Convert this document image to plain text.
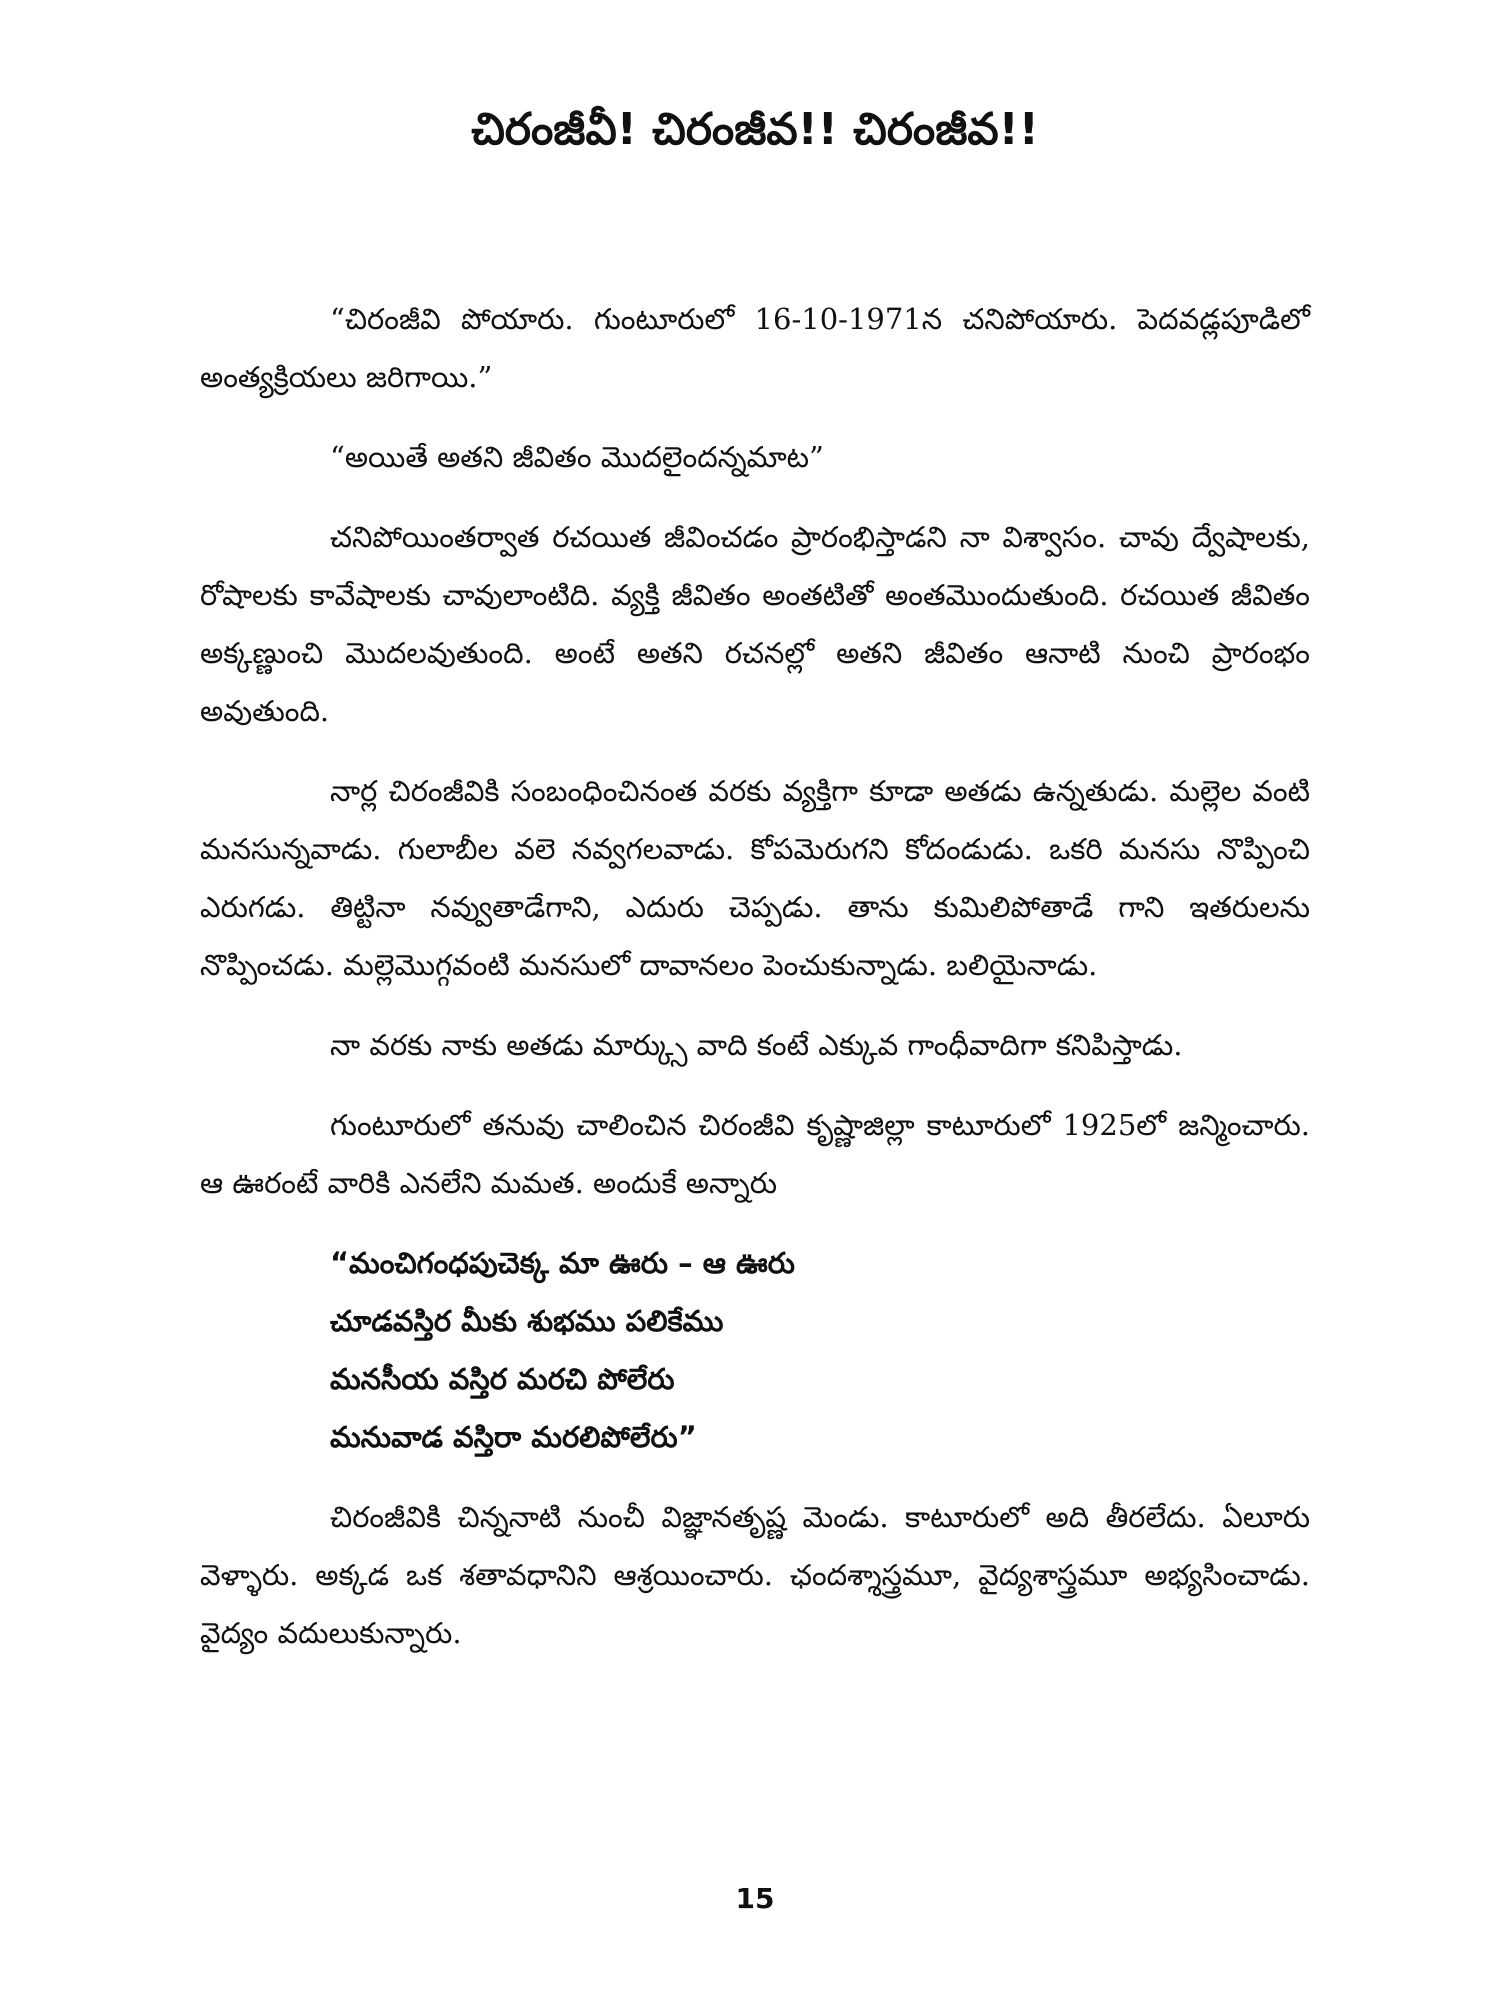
చిరంజీవీ! చిరంజీవ!! చిరంజీవ!!

“చిరంజీవి పోయారు. గుంటూరులో 16-10-1971న చనిపోయారు. పెదవడ్లపూడిలో అంత్యక్రియలు జరిగాయి.”

“అయితే అతని జీవితం మొదలైందన్నమాట”

చనిపోయింతర్వాత రచయిత జీవించడం ప్రారంభిస్తాడని నా విశ్వాసం. చావు ద్వేషాలకు, రోషాలకు కావేషాలకు చావులాంటిది. వ్యక్తి జీవితం అంతటితో అంతమొందుతుంది. రచయిత జీవితం అక్కణ్ణుంచి మొదలవుతుంది. అంటే అతని రచనల్లో అతని జీవితం ఆనాటి నుంచి ప్రారంభం అవుతుంది.

నార్ల చిరంజీవికి సంబంధించినంత వరకు వ్యక్తిగా కూడా అతడు ఉన్నతుడు. మల్లెల వంటి మనసున్నవాడు. గులాబీల వలె నవ్వగలవాడు. కోపమెరుగని కోదండుడు. ఒకరి మనసు నొప్పించి ఎరుగడు. తిట్టినా నవ్వుతాడేగాని, ఎదురు చెప్పడు. తాను కుమిలిపోతాడే గాని ఇతరులను నొప్పించడు. మల్లెమొగ్గవంటి మనసులో దావానలం పెంచుకున్నాడు. బలియైనాడు.

నా వరకు నాకు అతడు మార్క్సు వాది కంటే ఎక్కువ గాంధీవాదిగా కనిపిస్తాడు.

గుంటూరులో తనువు చాలించిన చిరంజీవి కృష్ణాజిల్లా కాటూరులో 1925లో జన్మించారు. ఆ ఊరంటే వారికి ఎనలేని మమత. అందుకే అన్నారు

“మంచిగంధపుచెక్క మా ఊరు – ఆ ఊరు
చూడవస్తిర మీకు శుభము పలికేము
మనసీయ వస్తిర మరచి పోలేరు
మనువాడ వస్తిరా మరలిపోలేరు”

చిరంజీవికి చిన్ననాటి నుంచీ విజ్ఞానతృష్ణ మెండు. కాటూరులో అది తీరలేదు. ఏలూరు వెళ్ళారు. అక్కడ ఒక శతావధానిని ఆశ్రయించారు. ఛందశ్శాస్త్రమూ, వైద్యశాస్త్రమూ అభ్యసించాడు. వైద్యం వదులుకున్నారు.

15
